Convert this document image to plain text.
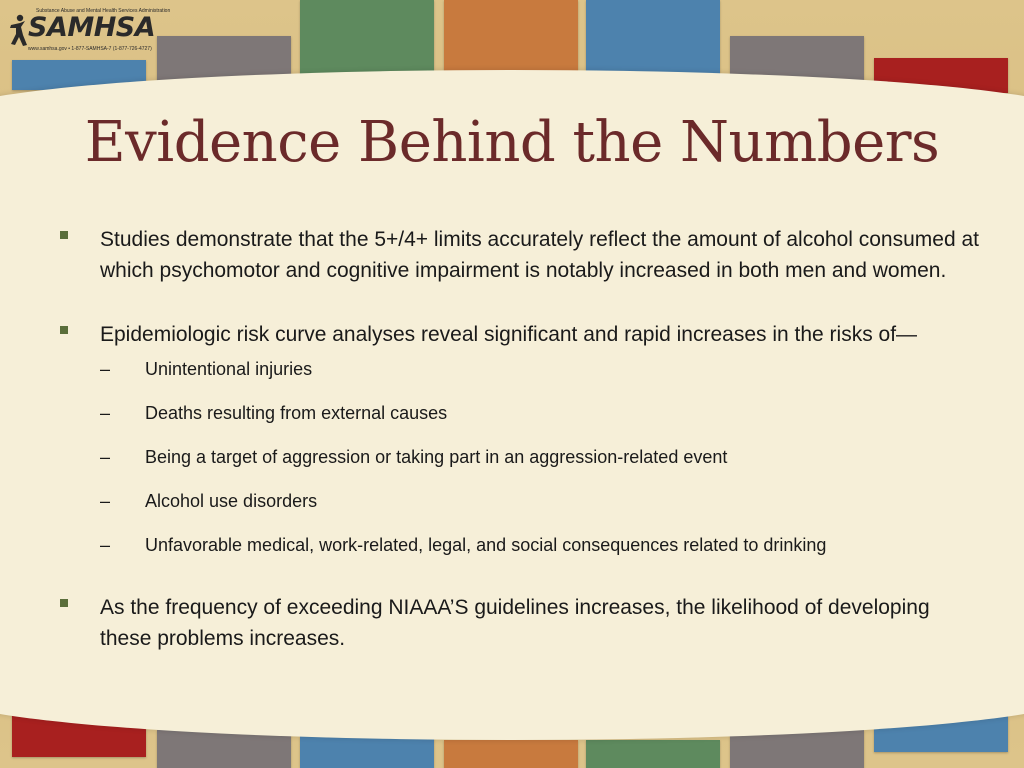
Substance Abuse and Mental Health Services Administration
SAMHSA
www.samhsa.gov • 1-877-SAMHSA-7 (1-877-726-4727)
Evidence Behind the Numbers
Studies demonstrate that the 5+/4+ limits accurately reflect the amount of alcohol consumed at which psychomotor and cognitive impairment is notably increased in both men and women.
Epidemiologic risk curve analyses reveal significant and rapid increases in the risks of—
– Unintentional injuries
– Deaths resulting from external causes
– Being a target of aggression or taking part in an aggression-related event
– Alcohol use disorders
– Unfavorable medical, work-related, legal, and social consequences related to drinking
As the frequency of exceeding NIAAA’S guidelines increases, the likelihood of developing these problems increases.
